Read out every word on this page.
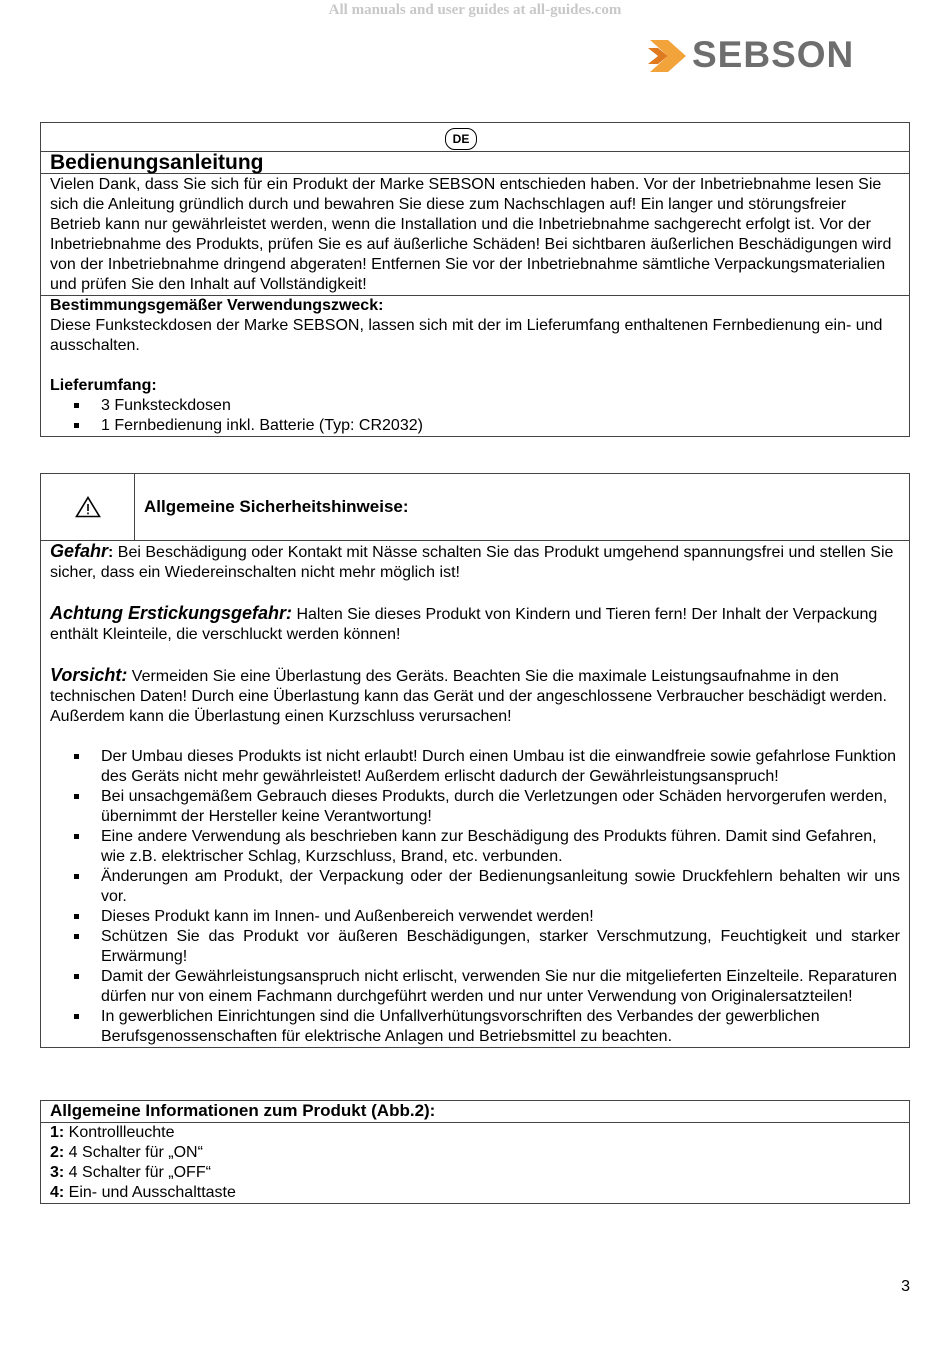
All manuals and user guides at all-guides.com
SEBSON
DE

Bedienungsanleitung

Vielen Dank, dass Sie sich für ein Produkt der Marke SEBSON entschieden haben. Vor der Inbetriebnahme lesen Sie sich die Anleitung gründlich durch und bewahren Sie diese zum Nachschlagen auf! Ein langer und störungsfreier Betrieb kann nur gewährleistet werden, wenn die Installation und die Inbetriebnahme sachgerecht erfolgt ist. Vor der Inbetriebnahme des Produkts, prüfen Sie es auf äußerliche Schäden! Bei sichtbaren äußerlichen Beschädigungen wird von der Inbetriebnahme dringend abgeraten! Entfernen Sie vor der Inbetriebnahme sämtliche Verpackungsmaterialien und prüfen Sie den Inhalt auf Vollständigkeit!

Bestimmungsgemäßer Verwendungszweck:

Diese Funksteckdosen der Marke SEBSON, lassen sich mit der im Lieferumfang enthaltenen Fernbedienung ein- und ausschalten.

Lieferumfang:

3 Funksteckdosen
1 Fernbedienung inkl. Batterie (Typ: CR2032)

Allgemeine Sicherheitshinweise:

Gefahr: Bei Beschädigung oder Kontakt mit Nässe schalten Sie das Produkt umgehend spannungsfrei und stellen Sie sicher, dass ein Wiedereinschalten nicht mehr möglich ist!

Achtung Erstickungsgefahr: Halten Sie dieses Produkt von Kindern und Tieren fern! Der Inhalt der Verpackung enthält Kleinteile, die verschluckt werden können!

Vorsicht: Vermeiden Sie eine Überlastung des Geräts. Beachten Sie die maximale Leistungsaufnahme in den technischen Daten! Durch eine Überlastung kann das Gerät und der angeschlossene Verbraucher beschädigt werden. Außerdem kann die Überlastung einen Kurzschluss verursachen!

Der Umbau dieses Produkts ist nicht erlaubt! Durch einen Umbau ist die einwandfreie sowie gefahrlose Funktion des Geräts nicht mehr gewährleistet! Außerdem erlischt dadurch der Gewährleistungsanspruch!
Bei unsachgemäßem Gebrauch dieses Produkts, durch die Verletzungen oder Schäden hervorgerufen werden, übernimmt der Hersteller keine Verantwortung!
Eine andere Verwendung als beschrieben kann zur Beschädigung des Produkts führen. Damit sind Gefahren, wie z.B. elektrischer Schlag, Kurzschluss, Brand, etc. verbunden.
Änderungen am Produkt, der Verpackung oder der Bedienungsanleitung sowie Druckfehlern behalten wir uns vor.
Dieses Produkt kann im Innen- und Außenbereich verwendet werden!
Schützen Sie das Produkt vor äußeren Beschädigungen, starker Verschmutzung, Feuchtigkeit und starker Erwärmung!
Damit der Gewährleistungsanspruch nicht erlischt, verwenden Sie nur die mitgelieferten Einzelteile. Reparaturen dürfen nur von einem Fachmann durchgeführt werden und nur unter Verwendung von Originalersatzteilen!
In gewerblichen Einrichtungen sind die Unfallverhütungsvorschriften des Verbandes der gewerblichen Berufsgenossenschaften für elektrische Anlagen und Betriebsmittel zu beachten.

Allgemeine Informationen zum Produkt (Abb.2):

1: Kontrollleuchte

2: 4 Schalter für „ON“

3: 4 Schalter für „OFF“

4: Ein- und Ausschalttaste

3
